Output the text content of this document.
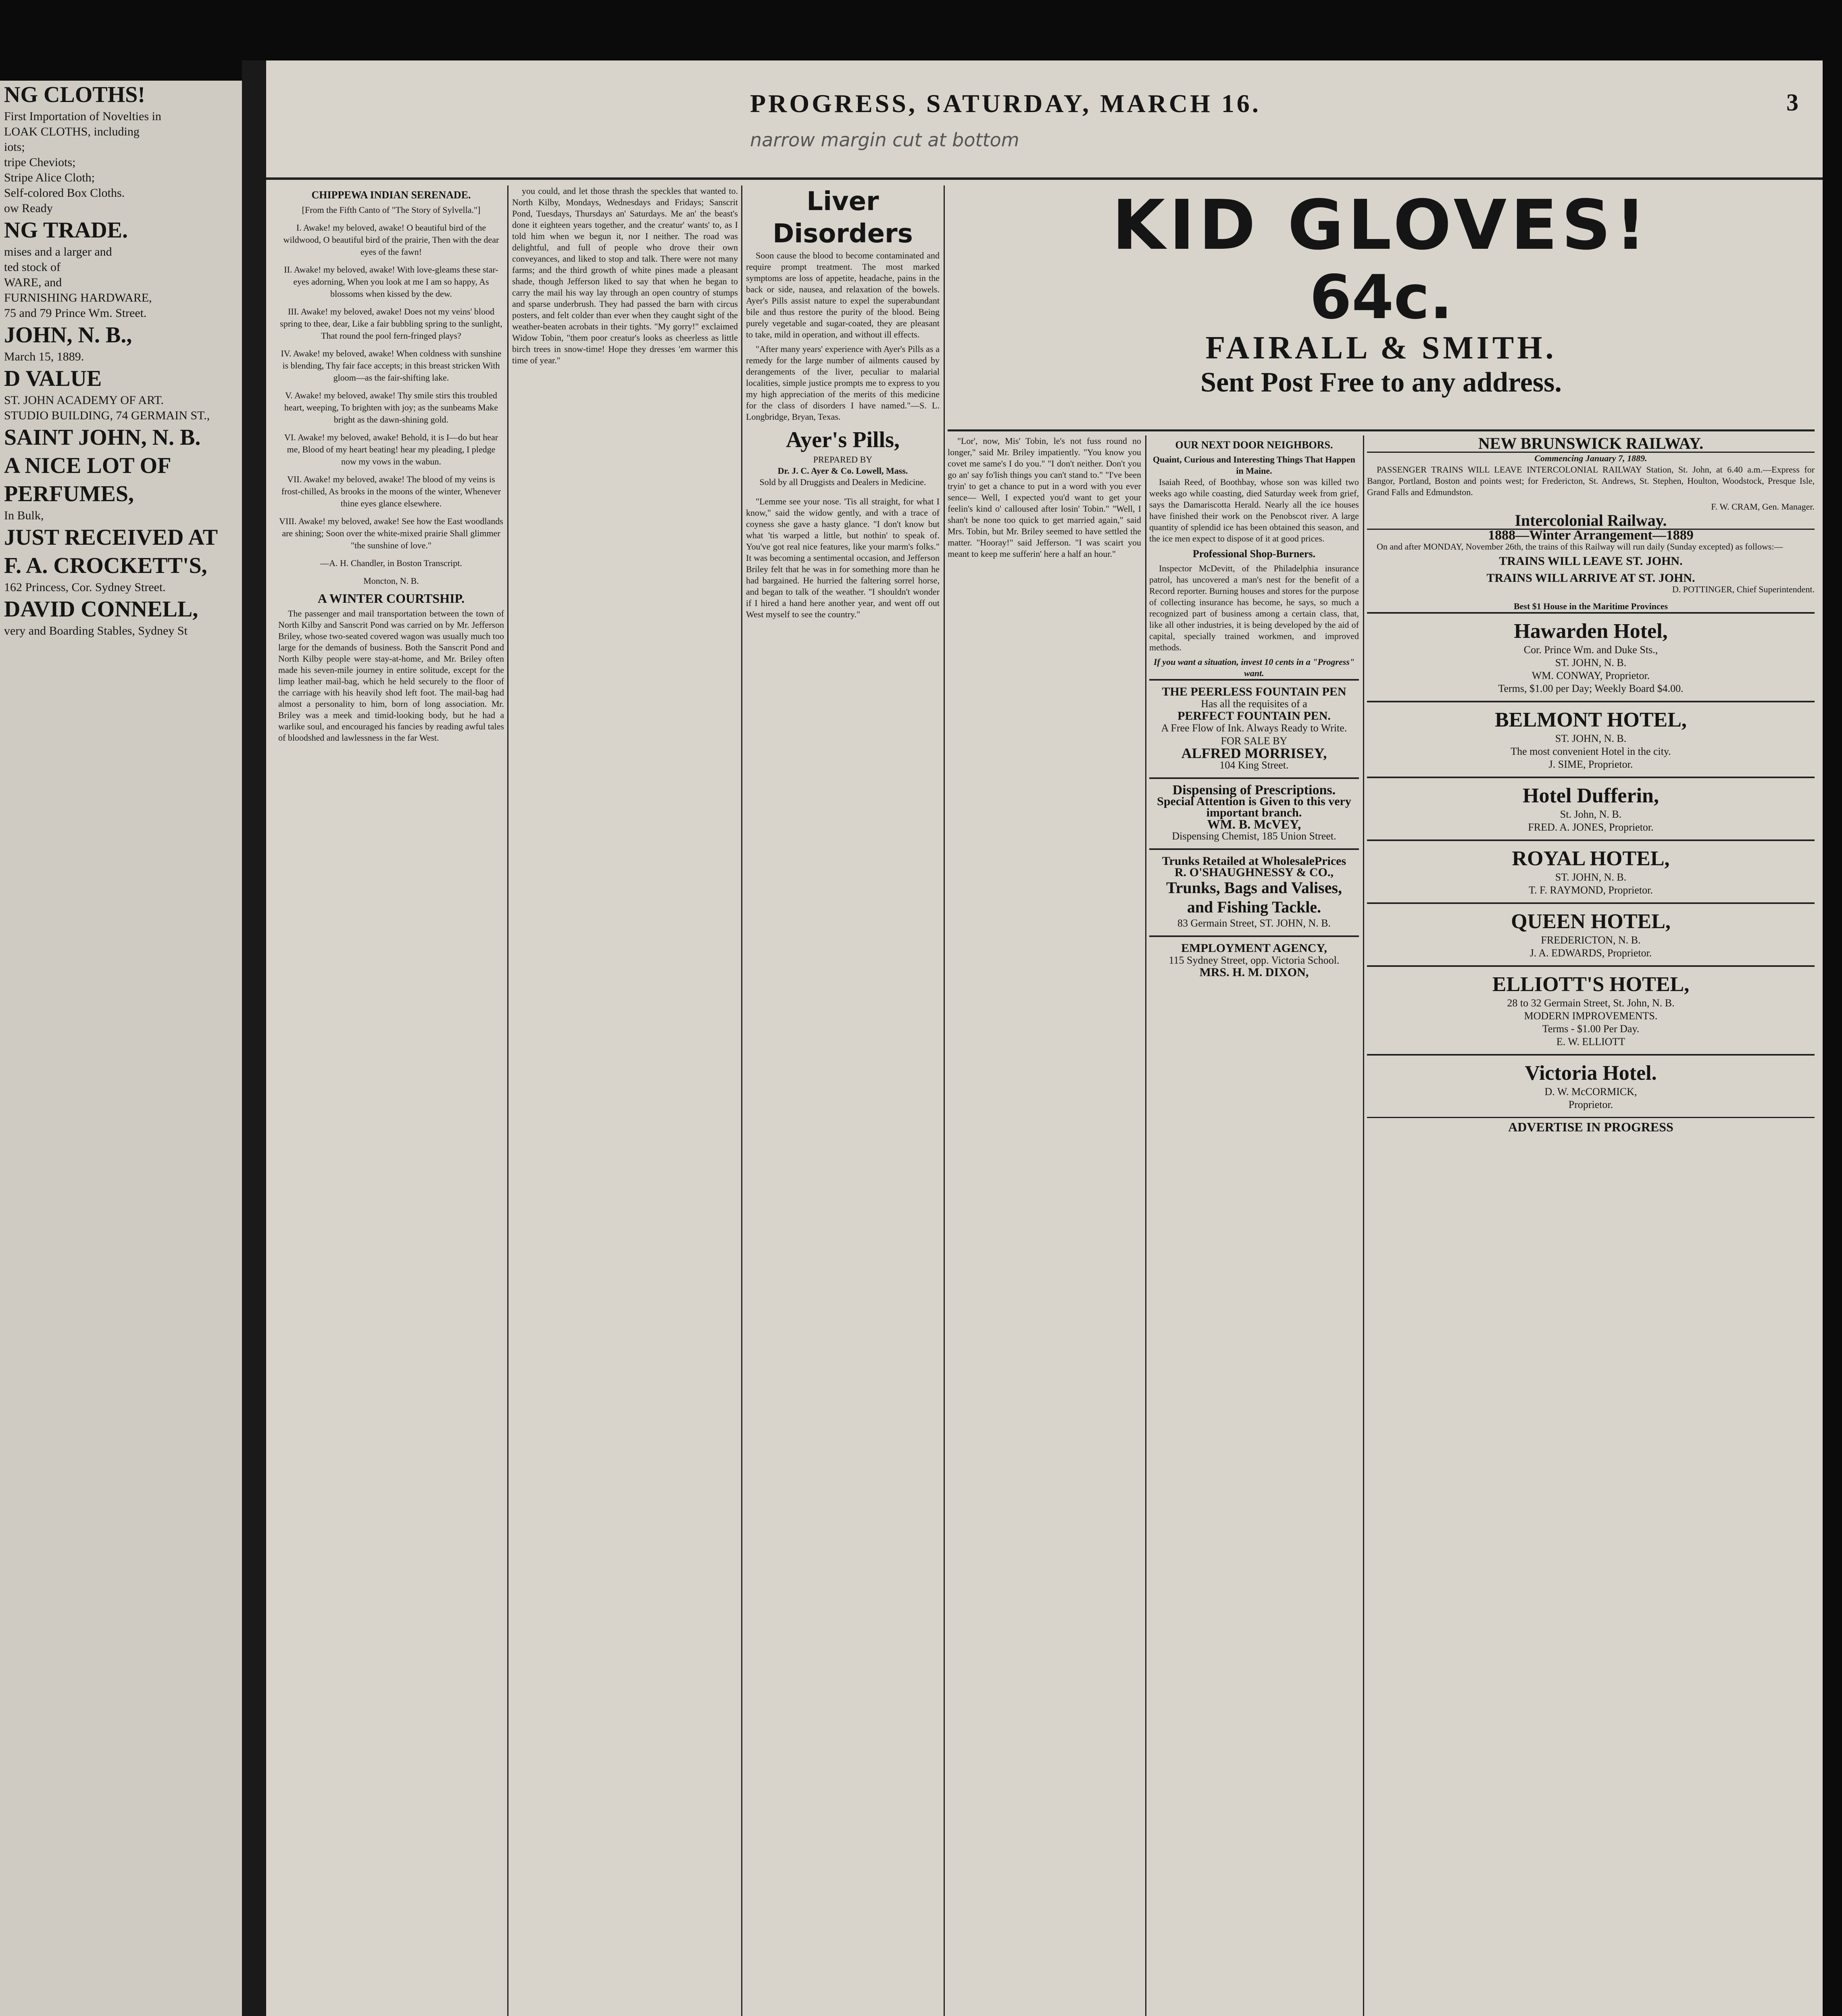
NG CLOTHS!
First Importation of Novelties in
LOAK CLOTHS, including
iots;
tripe Cheviots;
Stripe Alice Cloth;
Self-colored Box Cloths.
ow Ready
NG TRADE.
mises and a larger and
ted stock of
WARE, and
FURNISHING HARDWARE,
75 and 79 Prince Wm. Street.
JOHN, N. B.,
March 15, 1889.
D VALUE
ST. JOHN ACADEMY OF ART.
STUDIO BUILDING, 74 GERMAIN ST.,
SAINT JOHN, N. B.
A NICE LOT OF
PERFUMES,
In Bulk,
JUST RECEIVED AT
F. A. CROCKETT'S,
162 Princess, Cor. Sydney Street.
DAVID CONNELL,
very and Boarding Stables, Sydney St
narrow margin cut at bottom
PROGRESS, SATURDAY, MARCH 16.	3
CHIPPEWA INDIAN SERENADE.
[From the Fifth Canto of "The Story of Sylvella."]
I. Awake! my beloved, awake! O beautiful bird of the wildwood, O beautiful bird of the prairie, Then with the dear eyes of the fawn!
II. Awake! my beloved, awake! With love-gleams these star-eyes adorning, When you look at me I am so happy, As blossoms when kissed by the dew.
III. Awake! my beloved, awake! Does not my veins' blood spring to thee, dear, Like a fair bubbling spring to the sunlight, That round the pool fern-fringed plays?
IV. Awake! my beloved, awake! When coldness with sunshine is blending, Thy fair face accepts; in this breast stricken With gloom—as the fair-shifting lake.
V. Awake! my beloved, awake! Thy smile stirs this troubled heart, weeping, To brighten with joy; as the sunbeams Make bright as the dawn-shining gold.
VI. Awake! my beloved, awake! Behold, it is I—do but hear me, Blood of my heart beating! hear my pleading, I pledge now my vows in the wabun.
VII. Awake! my beloved, awake! The blood of my veins is frost-chilled, As brooks in the moons of the winter, Whenever thine eyes glance elsewhere.
VIII. Awake! my beloved, awake! See how the East woodlands are shining; Soon over the white-mixed prairie Shall glimmer "the sunshine of love."
—A. H. Chandler, in Boston Transcript.
Moncton, N. B.
A WINTER COURTSHIP.

The passenger and mail transportation between the town of North Kilby and Sanscrit Pond was carried on by Mr. Jefferson Briley, whose two-seated covered wagon was usually much too large for the demands of business. Both the Sanscrit Pond and North Kilby people were stay-at-home, and Mr. Briley often made his seven-mile journey in entire solitude, except for the limp leather mail-bag, which he held securely to the floor of the carriage with his heavily shod left foot. The mail-bag had almost a personality to him, born of long association. Mr. Briley was a meek and timid-looking body, but he had a warlike soul, and encouraged his fancies by reading awful tales of bloodshed and lawlessness in the far West.

you could, and let those thrash the speckles that wanted to. North Kilby, Mondays, Wednesdays and Fridays; Sanscrit Pond, Tuesdays, Thursdays an' Saturdays. Me an' the beast's done it eighteen years together, and the creatur' wants' to, as I told him when we begun it, nor I neither. The road was delightful, and full of people who drove their own conveyances, and liked to stop and talk. There were not many farms; and the third growth of white pines made a pleasant shade, though Jefferson liked to say that when he began to carry the mail his way lay through an open country of stumps and sparse underbrush. They had passed the barn with circus posters, and felt colder than ever when they caught sight of the weather-beaten acrobats in their tights. "My gorry!" exclaimed Widow Tobin, "them poor creatur's looks as cheerless as little birch trees in snow-time! Hope they dresses 'em warmer this time of year."

Liver Disorders

Soon cause the blood to become contaminated and require prompt treatment. The most marked symptoms are loss of appetite, headache, pains in the back or side, nausea, and relaxation of the bowels. Ayer's Pills assist nature to expel the superabundant bile and thus restore the purity of the blood. Being purely vegetable and sugar-coated, they are pleasant to take, mild in operation, and without ill effects.

"After many years' experience with Ayer's Pills as a remedy for the large number of ailments caused by derangements of the liver, peculiar to malarial localities, simple justice prompts me to express to you my high appreciation of the merits of this medicine for the class of disorders I have named."—S. L. Longbridge, Bryan, Texas.

Ayer's Pills,
PREPARED BY
Dr. J. C. Ayer & Co. Lowell, Mass.
Sold by all Druggists and Dealers in Medicine.

"Lemme see your nose. 'Tis all straight, for what I know," said the widow gently, and with a trace of coyness she gave a hasty glance. "I don't know but what 'tis warped a little, but nothin' to speak of. You've got real nice features, like your marm's folks." It was becoming a sentimental occasion, and Jefferson Briley felt that he was in for something more than he had bargained. He hurried the faltering sorrel horse, and began to talk of the weather. "I shouldn't wonder if I hired a hand here another year, and went off out West myself to see the country."

KID GLOVES!
64c.
FAIRALL & SMITH.
Sent Post Free to any address.

"Lor', now, Mis' Tobin, le's not fuss round no longer," said Mr. Briley impatiently. "You know you covet me same's I do you." "I don't neither. Don't you go an' say fo'lish things you can't stand to." "I've been tryin' to get a chance to put in a word with you ever sence— Well, I expected you'd want to get your feelin's kind o' calloused after losin' Tobin." "Well, I shan't be none too quick to get married again," said Mrs. Tobin, but Mr. Briley seemed to have settled the matter. "Hooray!" said Jefferson. "I was scairt you meant to keep me sufferin' here a half an hour."

OUR NEXT DOOR NEIGHBORS.
Quaint, Curious and Interesting Things That Happen in Maine.

Isaiah Reed, of Boothbay, whose son was killed two weeks ago while coasting, died Saturday week from grief, says the Damariscotta Herald. Nearly all the ice houses have finished their work on the Penobscot river. A large quantity of splendid ice has been obtained this season, and the ice men expect to dispose of it at good prices.

Professional Shop-Burners.

Inspector McDevitt, of the Philadelphia insurance patrol, has uncovered a man's nest for the benefit of a Record reporter. Burning houses and stores for the purpose of collecting insurance has become, he says, so much a recognized part of business among a certain class, that, like all other industries, it is being developed by the aid of capital, specially trained workmen, and improved methods.

If you want a situation, invest 10 cents in a "Progress" want.
THE PEERLESS FOUNTAIN PEN
Has all the requisites of a
PERFECT FOUNTAIN PEN.
A Free Flow of Ink. Always Ready to Write.
FOR SALE BY
ALFRED MORRISEY,
104 King Street.
Dispensing of Prescriptions.
Special Attention is Given to this very important branch.
WM. B. McVEY,
Dispensing Chemist, 185 Union Street.
Trunks Retailed at WholesalePrices
R. O'SHAUGHNESSY & CO.,
Trunks, Bags and Valises, and Fishing Tackle.
83 Germain Street, ST. JOHN, N. B.
EMPLOYMENT AGENCY,
115 Sydney Street, opp. Victoria School.
MRS. H. M. DIXON,
NEW BRUNSWICK RAILWAY.
Commencing January 7, 1889.

PASSENGER TRAINS WILL LEAVE INTERCOLONIAL RAILWAY Station, St. John, at 6.40 a.m.—Express for Bangor, Portland, Boston and points west; for Fredericton, St. Andrews, St. Stephen, Houlton, Woodstock, Presque Isle, Grand Falls and Edmundston.

F. W. CRAM, Gen. Manager.
Intercolonial Railway.
1888—Winter Arrangement—1889

On and after MONDAY, November 26th, the trains of this Railway will run daily (Sunday excepted) as follows:—

TRAINS WILL LEAVE ST. JOHN.
TRAINS WILL ARRIVE AT ST. JOHN.
D. POTTINGER, Chief Superintendent.
Best $1 House in the Maritime Provinces
Hawarden Hotel,
Cor. Prince Wm. and Duke Sts.,
ST. JOHN, N. B.
WM. CONWAY, Proprietor.
Terms, $1.00 per Day; Weekly Board $4.00.
BELMONT HOTEL,
ST. JOHN, N. B.
The most convenient Hotel in the city.
J. SIME, Proprietor.
Hotel Dufferin,
St. John, N. B.
FRED. A. JONES, Proprietor.
ROYAL HOTEL,
ST. JOHN, N. B.
T. F. RAYMOND, Proprietor.
QUEEN HOTEL,
FREDERICTON, N. B.
J. A. EDWARDS, Proprietor.
ELLIOTT'S HOTEL,
28 to 32 Germain Street, St. John, N. B.
MODERN IMPROVEMENTS.
Terms - $1.00 Per Day.
E. W. ELLIOTT
Victoria Hotel.
D. W. McCORMICK,
Proprietor.
ADVERTISE IN PROGRESS
